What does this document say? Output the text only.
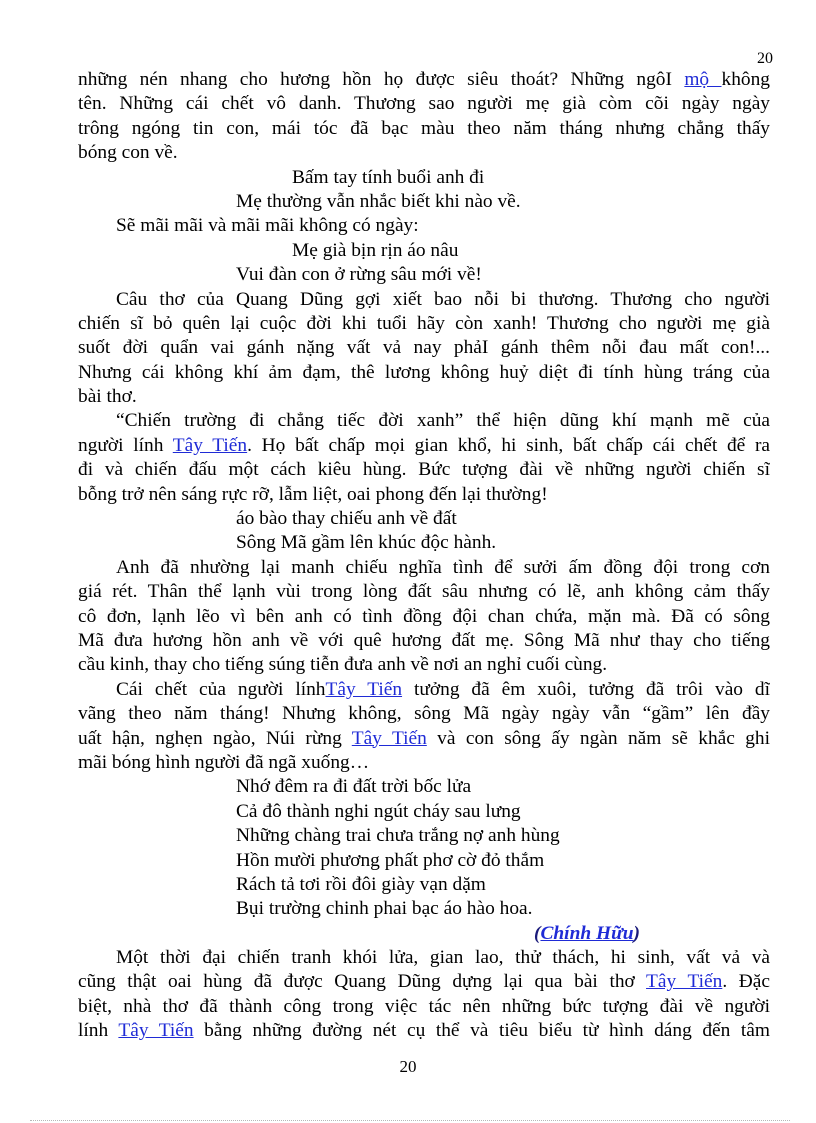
20
những nén nhang cho hương hồn họ được siêu thoát? Những ngôI mộ không
tên. Những cái chết vô danh. Thương sao người mẹ già còm cõi ngày ngày
trông ngóng tin con, mái tóc đã bạc màu theo năm tháng nhưng chẳng thấy
bóng con về.
Bấm tay tính buổi anh đi
Mẹ thường vẫn nhắc biết khi nào về.
Sẽ mãi mãi và mãi mãi không có ngày:
Mẹ già bịn rịn áo nâu
Vui đàn con ở rừng sâu mới về!
Câu thơ của Quang Dũng gợi xiết bao nỗi bi thương. Thương cho người
chiến sĩ bỏ quên lại cuộc đời khi tuổi hãy còn xanh! Thương cho người mẹ già
suốt đời quẩn vai gánh nặng vất vả nay phảI gánh thêm nỗi đau mất con!...
Nhưng cái không khí ảm đạm, thê lương không huỷ diệt đi tính hùng tráng của
bài thơ.
“Chiến trường đi chẳng tiếc đời xanh” thể hiện dũng khí mạnh mẽ của
người lính Tây Tiến. Họ bất chấp mọi gian khổ, hi sinh, bất chấp cái chết để ra
đi và chiến đấu một cách kiêu hùng. Bức tượng đài về những người chiến sĩ
bỗng trở nên sáng rực rỡ, lẫm liệt, oai phong đến lại thường!
áo bào thay chiếu anh về đất
Sông Mã gầm lên khúc độc hành.
Anh đã nhường lại manh chiếu nghĩa tình để sưởi ấm đồng đội trong cơn
giá rét. Thân thể lạnh vùi trong lòng đất sâu nhưng có lẽ, anh không cảm thấy
cô đơn, lạnh lẽo vì bên anh có tình đồng đội chan chứa, mặn mà. Đã có sông
Mã đưa hương hồn anh về với quê hương đất mẹ. Sông Mã như thay cho tiếng
cầu kinh, thay cho tiếng súng tiễn đưa anh về nơi an nghỉ cuối cùng.
Cái chết của người línhTây Tiến tưởng đã êm xuôi, tưởng đã trôi vào dĩ
vãng theo năm tháng! Nhưng không, sông Mã ngày ngày vẫn “gầm” lên đầy
uất hận, nghẹn ngào, Núi rừng Tây Tiến và con sông ấy ngàn năm sẽ khắc ghi
mãi bóng hình người đã ngã xuống…
Nhớ đêm ra đi đất trời bốc lửa
Cả đô thành nghi ngút cháy sau lưng
Những chàng trai chưa trắng nợ anh hùng
Hồn mười phương phất phơ cờ đỏ thắm
Rách tả tơi rồi đôi giày vạn dặm
Bụi trường chinh phai bạc áo hào hoa.
(Chính Hữu)
Một thời đại chiến tranh khói lửa, gian lao, thử thách, hi sinh, vất vả và
cũng thật oai hùng đã được Quang Dũng dựng lại qua bài thơ Tây Tiến. Đặc
biệt, nhà thơ đã thành công trong việc tác nên những bức tượng đài về người
lính Tây Tiến bằng những đường nét cụ thể và tiêu biểu từ hình dáng đến tâm
20
